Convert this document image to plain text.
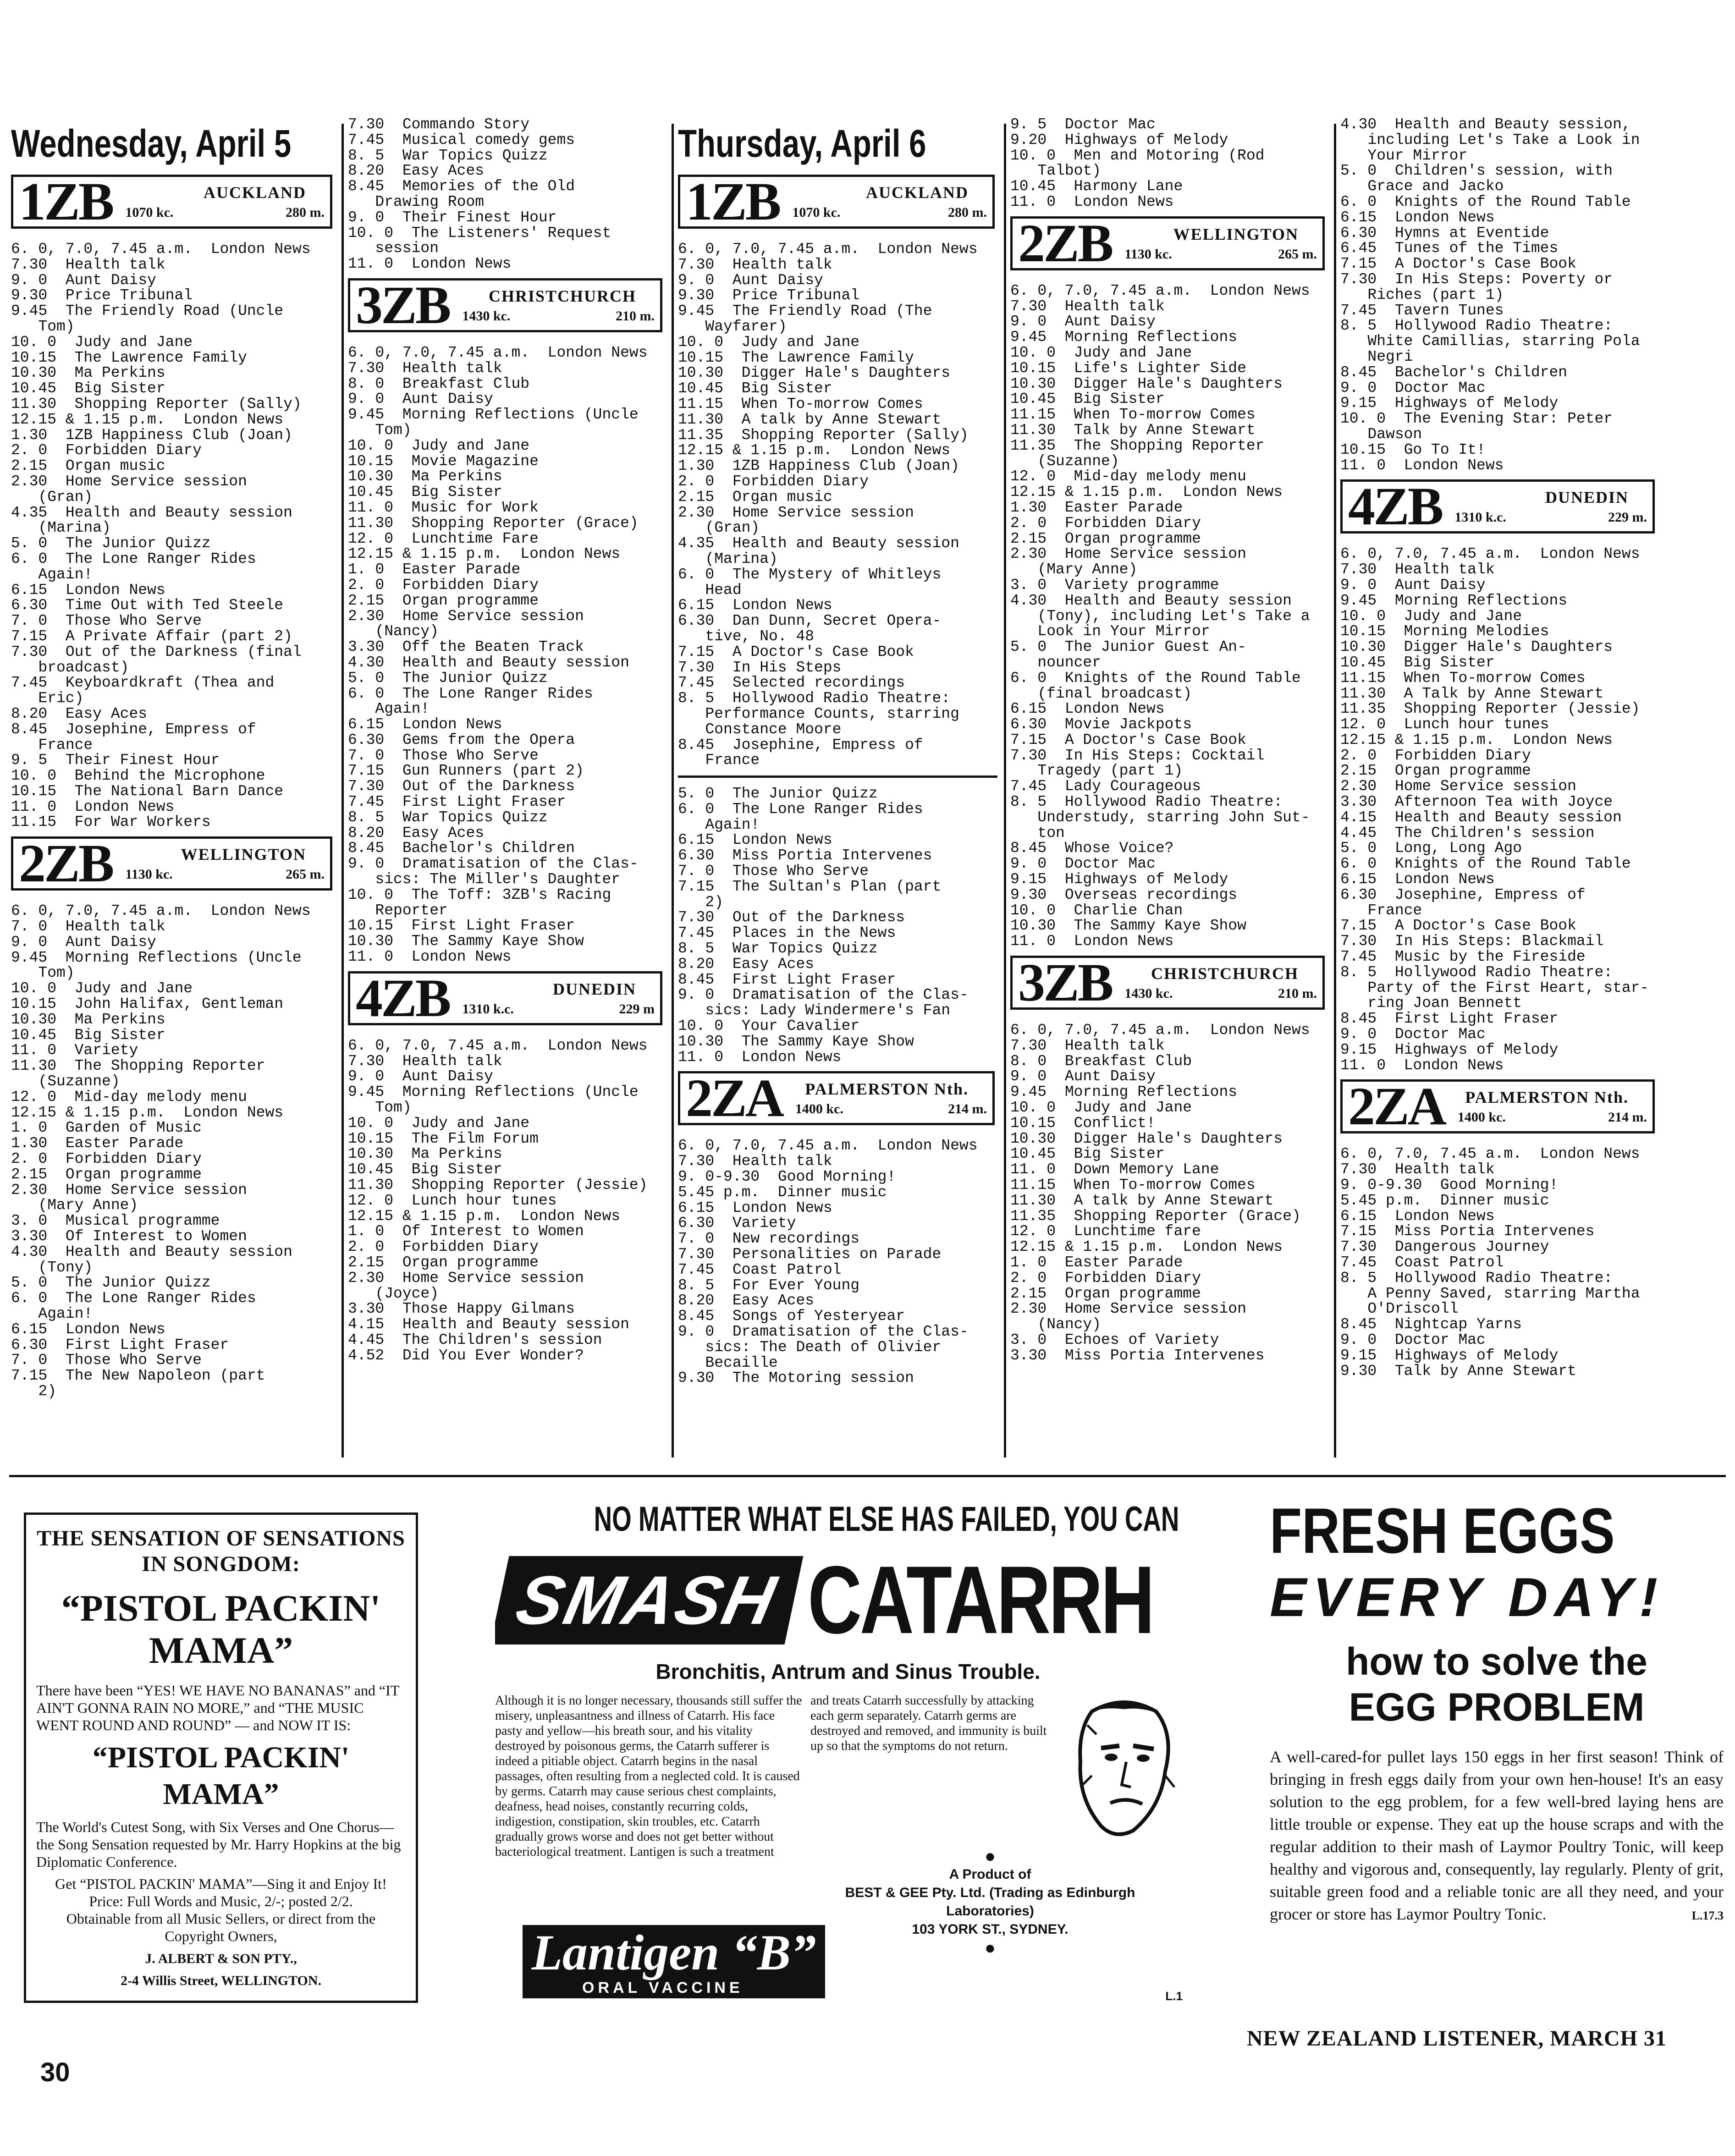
Wednesday, April 5
1ZB	AUCKLAND
1070 kc.	280 m.
6. 0, 7.0, 7.45 a.m.  London News
7.30  Health talk
9. 0  Aunt Daisy
9.30  Price Tribunal
9.45  The Friendly Road (Uncle
Tom)
10. 0  Judy and Jane
10.15  The Lawrence Family
10.30  Ma Perkins
10.45  Big Sister
11.30  Shopping Reporter (Sally)
12.15 & 1.15 p.m.  London News
1.30  1ZB Happiness Club (Joan)
2. 0  Forbidden Diary
2.15  Organ music
2.30  Home Service session
(Gran)
4.35  Health and Beauty session
(Marina)
5. 0  The Junior Quizz
6. 0  The Lone Ranger Rides
Again!
6.15  London News
6.30  Time Out with Ted Steele
7. 0  Those Who Serve
7.15  A Private Affair (part 2)
7.30  Out of the Darkness (final
broadcast)
7.45  Keyboardkraft (Thea and
Eric)
8.20  Easy Aces
8.45  Josephine, Empress of
France
9. 5  Their Finest Hour
10. 0  Behind the Microphone
10.15  The National Barn Dance
11. 0  London News
11.15  For War Workers
2ZB	WELLINGTON
1130 kc.	265 m.
6. 0, 7.0, 7.45 a.m.  London News
7. 0  Health talk
9. 0  Aunt Daisy
9.45  Morning Reflections (Uncle
Tom)
10. 0  Judy and Jane
10.15  John Halifax, Gentleman
10.30  Ma Perkins
10.45  Big Sister
11. 0  Variety
11.30  The Shopping Reporter
(Suzanne)
12. 0  Mid-day melody menu
12.15 & 1.15 p.m.  London News
1. 0  Garden of Music
1.30  Easter Parade
2. 0  Forbidden Diary
2.15  Organ programme
2.30  Home Service session
(Mary Anne)
3. 0  Musical programme
3.30  Of Interest to Women
4.30  Health and Beauty session
(Tony)
5. 0  The Junior Quizz
6. 0  The Lone Ranger Rides
Again!
6.15  London News
6.30  First Light Fraser
7. 0  Those Who Serve
7.15  The New Napoleon (part
2)
7.30  Commando Story
7.45  Musical comedy gems
8. 5  War Topics Quizz
8.20  Easy Aces
8.45  Memories of the Old
Drawing Room
9. 0  Their Finest Hour
10. 0  The Listeners' Request
session
11. 0  London News
3ZB	CHRISTCHURCH
1430 kc.	210 m.
6. 0, 7.0, 7.45 a.m.  London News
7.30  Health talk
8. 0  Breakfast Club
9. 0  Aunt Daisy
9.45  Morning Reflections (Uncle
Tom)
10. 0  Judy and Jane
10.15  Movie Magazine
10.30  Ma Perkins
10.45  Big Sister
11. 0  Music for Work
11.30  Shopping Reporter (Grace)
12. 0  Lunchtime Fare
12.15 & 1.15 p.m.  London News
1. 0  Easter Parade
2. 0  Forbidden Diary
2.15  Organ programme
2.30  Home Service session
(Nancy)
3.30  Off the Beaten Track
4.30  Health and Beauty session
5. 0  The Junior Quizz
6. 0  The Lone Ranger Rides
Again!
6.15  London News
6.30  Gems from the Opera
7. 0  Those Who Serve
7.15  Gun Runners (part 2)
7.30  Out of the Darkness
7.45  First Light Fraser
8. 5  War Topics Quizz
8.20  Easy Aces
8.45  Bachelor's Children
9. 0  Dramatisation of the Clas-
sics: The Miller's Daughter
10. 0  The Toff: 3ZB's Racing
Reporter
10.15  First Light Fraser
10.30  The Sammy Kaye Show
11. 0  London News
4ZB	DUNEDIN
1310 k.c.	229 m
6. 0, 7.0, 7.45 a.m.  London News
7.30  Health talk
9. 0  Aunt Daisy
9.45  Morning Reflections (Uncle
Tom)
10. 0  Judy and Jane
10.15  The Film Forum
10.30  Ma Perkins
10.45  Big Sister
11.30  Shopping Reporter (Jessie)
12. 0  Lunch hour tunes
12.15 & 1.15 p.m.  London News
1. 0  Of Interest to Women
2. 0  Forbidden Diary
2.15  Organ programme
2.30  Home Service session
(Joyce)
3.30  Those Happy Gilmans
4.15  Health and Beauty session
4.45  The Children's session
4.52  Did You Ever Wonder?
Thursday, April 6
1ZB	AUCKLAND
1070 kc.	280 m.
6. 0, 7.0, 7.45 a.m.  London News
7.30  Health talk
9. 0  Aunt Daisy
9.30  Price Tribunal
9.45  The Friendly Road (The
Wayfarer)
10. 0  Judy and Jane
10.15  The Lawrence Family
10.30  Digger Hale's Daughters
10.45  Big Sister
11.15  When To-morrow Comes
11.30  A talk by Anne Stewart
11.35  Shopping Reporter (Sally)
12.15 & 1.15 p.m.  London News
1.30  1ZB Happiness Club (Joan)
2. 0  Forbidden Diary
2.15  Organ music
2.30  Home Service session
(Gran)
4.35  Health and Beauty session
(Marina)
6. 0  The Mystery of Whitleys
Head
6.15  London News
6.30  Dan Dunn, Secret Opera-
tive, No. 48
7.15  A Doctor's Case Book
7.30  In His Steps
7.45  Selected recordings
8. 5  Hollywood Radio Theatre:
Performance Counts, starring
Constance Moore
8.45  Josephine, Empress of
France
5. 0  The Junior Quizz
6. 0  The Lone Ranger Rides
Again!
6.15  London News
6.30  Miss Portia Intervenes
7. 0  Those Who Serve
7.15  The Sultan's Plan (part
2)
7.30  Out of the Darkness
7.45  Places in the News
8. 5  War Topics Quizz
8.20  Easy Aces
8.45  First Light Fraser
9. 0  Dramatisation of the Clas-
sics: Lady Windermere's Fan
10. 0  Your Cavalier
10.30  The Sammy Kaye Show
11. 0  London News
2ZA	PALMERSTON Nth.
1400 kc.	214 m.
6. 0, 7.0, 7.45 a.m.  London News
7.30  Health talk
9. 0-9.30  Good Morning!
5.45 p.m.  Dinner music
6.15  London News
6.30  Variety
7. 0  New recordings
7.30  Personalities on Parade
7.45  Coast Patrol
8. 5  For Ever Young
8.20  Easy Aces
8.45  Songs of Yesteryear
9. 0  Dramatisation of the Clas-
sics: The Death of Olivier
Becaille
9.30  The Motoring session
9. 5  Doctor Mac
9.20  Highways of Melody
10. 0  Men and Motoring (Rod
Talbot)
10.45  Harmony Lane
11. 0  London News
2ZB	WELLINGTON
1130 kc.	265 m.
6. 0, 7.0, 7.45 a.m.  London News
7.30  Health talk
9. 0  Aunt Daisy
9.45  Morning Reflections
10. 0  Judy and Jane
10.15  Life's Lighter Side
10.30  Digger Hale's Daughters
10.45  Big Sister
11.15  When To-morrow Comes
11.30  Talk by Anne Stewart
11.35  The Shopping Reporter
(Suzanne)
12. 0  Mid-day melody menu
12.15 & 1.15 p.m.  London News
1.30  Easter Parade
2. 0  Forbidden Diary
2.15  Organ programme
2.30  Home Service session
(Mary Anne)
3. 0  Variety programme
4.30  Health and Beauty session
(Tony), including Let's Take a
Look in Your Mirror
5. 0  The Junior Guest An-
nouncer
6. 0  Knights of the Round Table
(final broadcast)
6.15  London News
6.30  Movie Jackpots
7.15  A Doctor's Case Book
7.30  In His Steps: Cocktail
Tragedy (part 1)
7.45  Lady Courageous
8. 5  Hollywood Radio Theatre:
Understudy, starring John Sut-
ton
8.45  Whose Voice?
9. 0  Doctor Mac
9.15  Highways of Melody
9.30  Overseas recordings
10. 0  Charlie Chan
10.30  The Sammy Kaye Show
11. 0  London News
3ZB	CHRISTCHURCH
1430 kc.	210 m.
6. 0, 7.0, 7.45 a.m.  London News
7.30  Health talk
8. 0  Breakfast Club
9. 0  Aunt Daisy
9.45  Morning Reflections
10. 0  Judy and Jane
10.15  Conflict!
10.30  Digger Hale's Daughters
10.45  Big Sister
11. 0  Down Memory Lane
11.15  When To-morrow Comes
11.30  A talk by Anne Stewart
11.35  Shopping Reporter (Grace)
12. 0  Lunchtime fare
12.15 & 1.15 p.m.  London News
1. 0  Easter Parade
2. 0  Forbidden Diary
2.15  Organ programme
2.30  Home Service session
(Nancy)
3. 0  Echoes of Variety
3.30  Miss Portia Intervenes
4.30  Health and Beauty session,
including Let's Take a Look in
Your Mirror
5. 0  Children's session, with
Grace and Jacko
6. 0  Knights of the Round Table
6.15  London News
6.30  Hymns at Eventide
6.45  Tunes of the Times
7.15  A Doctor's Case Book
7.30  In His Steps: Poverty or
Riches (part 1)
7.45  Tavern Tunes
8. 5  Hollywood Radio Theatre:
White Camillias, starring Pola
Negri
8.45  Bachelor's Children
9. 0  Doctor Mac
9.15  Highways of Melody
10. 0  The Evening Star: Peter
Dawson
10.15  Go To It!
11. 0  London News
4ZB	DUNEDIN
1310 k.c.	229 m.
6. 0, 7.0, 7.45 a.m.  London News
7.30  Health talk
9. 0  Aunt Daisy
9.45  Morning Reflections
10. 0  Judy and Jane
10.15  Morning Melodies
10.30  Digger Hale's Daughters
10.45  Big Sister
11.15  When To-morrow Comes
11.30  A Talk by Anne Stewart
11.35  Shopping Reporter (Jessie)
12. 0  Lunch hour tunes
12.15 & 1.15 p.m.  London News
2. 0  Forbidden Diary
2.15  Organ programme
2.30  Home Service session
3.30  Afternoon Tea with Joyce
4.15  Health and Beauty session
4.45  The Children's session
5. 0  Long, Long Ago
6. 0  Knights of the Round Table
6.15  London News
6.30  Josephine, Empress of
France
7.15  A Doctor's Case Book
7.30  In His Steps: Blackmail
7.45  Music by the Fireside
8. 5  Hollywood Radio Theatre:
Party of the First Heart, star-
ring Joan Bennett
8.45  First Light Fraser
9. 0  Doctor Mac
9.15  Highways of Melody
11. 0  London News
2ZA	PALMERSTON Nth.
1400 kc.	214 m.
6. 0, 7.0, 7.45 a.m.  London News
7.30  Health talk
9. 0-9.30  Good Morning!
5.45 p.m.  Dinner music
6.15  London News
7.15  Miss Portia Intervenes
7.30  Dangerous Journey
7.45  Coast Patrol
8. 5  Hollywood Radio Theatre:
A Penny Saved, starring Martha
O'Driscoll
8.45  Nightcap Yarns
9. 0  Doctor Mac
9.15  Highways of Melody
9.30  Talk by Anne Stewart
THE SENSATION OF SENSATIONS IN SONGDOM:
“PISTOL PACKIN' MAMA”
There have been “YES! WE HAVE NO BANANAS” and “IT AIN'T GONNA RAIN NO MORE,” and “THE MUSIC WENT ROUND AND ROUND” — and NOW IT IS:
“PISTOL PACKIN' MAMA”
The World's Cutest Song, with Six Verses and One Chorus—the Song Sensation requested by Mr. Harry Hopkins at the big Diplomatic Conference.
Get “PISTOL PACKIN' MAMA”—Sing it and Enjoy It!
Price: Full Words and Music, 2/-; posted 2/2.
Obtainable from all Music Sellers, or direct from the Copyright Owners,
J. ALBERT & SON PTY.,
2-4 Willis Street, WELLINGTON.
NO MATTER WHAT ELSE HAS FAILED, YOU CAN
SMASH CATARRH
Bronchitis, Antrum and Sinus Trouble.
Although it is no longer necessary, thousands still suffer the misery, unpleasantness and illness of Catarrh. His face pasty and yellow—his breath sour, and his vitality destroyed by poisonous germs, the Catarrh sufferer is indeed a pitiable object. Catarrh begins in the nasal passages, often resulting from a neglected cold. It is caused by germs. Catarrh may cause serious chest complaints, deafness, head noises, constantly recurring colds, indigestion, constipation, skin troubles, etc. Catarrh gradually grows worse and does not get better without bacteriological treatment. Lantigen is such a treatment
and treats Catarrh successfully by attacking each germ separately. Catarrh germs are destroyed and removed, and immunity is built up so that the symptoms do not return.
●
A Product of
BEST & GEE Pty. Ltd. (Trading as Edinburgh Laboratories)
103 YORK ST., SYDNEY.
●
Lantigen “B”
ORAL VACCINE	L.1
FRESH EGGS
EVERY DAY!
how to solve the
EGG PROBLEM
A well-cared-for pullet lays 150 eggs in her first season! Think of bringing in fresh eggs daily from your own hen-house! It's an easy solution to the egg problem, for a few well-bred laying hens are little trouble or expense. They eat up the house scraps and with the regular addition to their mash of Laymor Poultry Tonic, will keep healthy and vigorous and, consequently, lay regularly. Plenty of grit, suitable green food and a reliable tonic are all they need, and your grocer or store has Laymor Poultry Tonic.	L.17.3
30
NEW ZEALAND LISTENER, MARCH 31
